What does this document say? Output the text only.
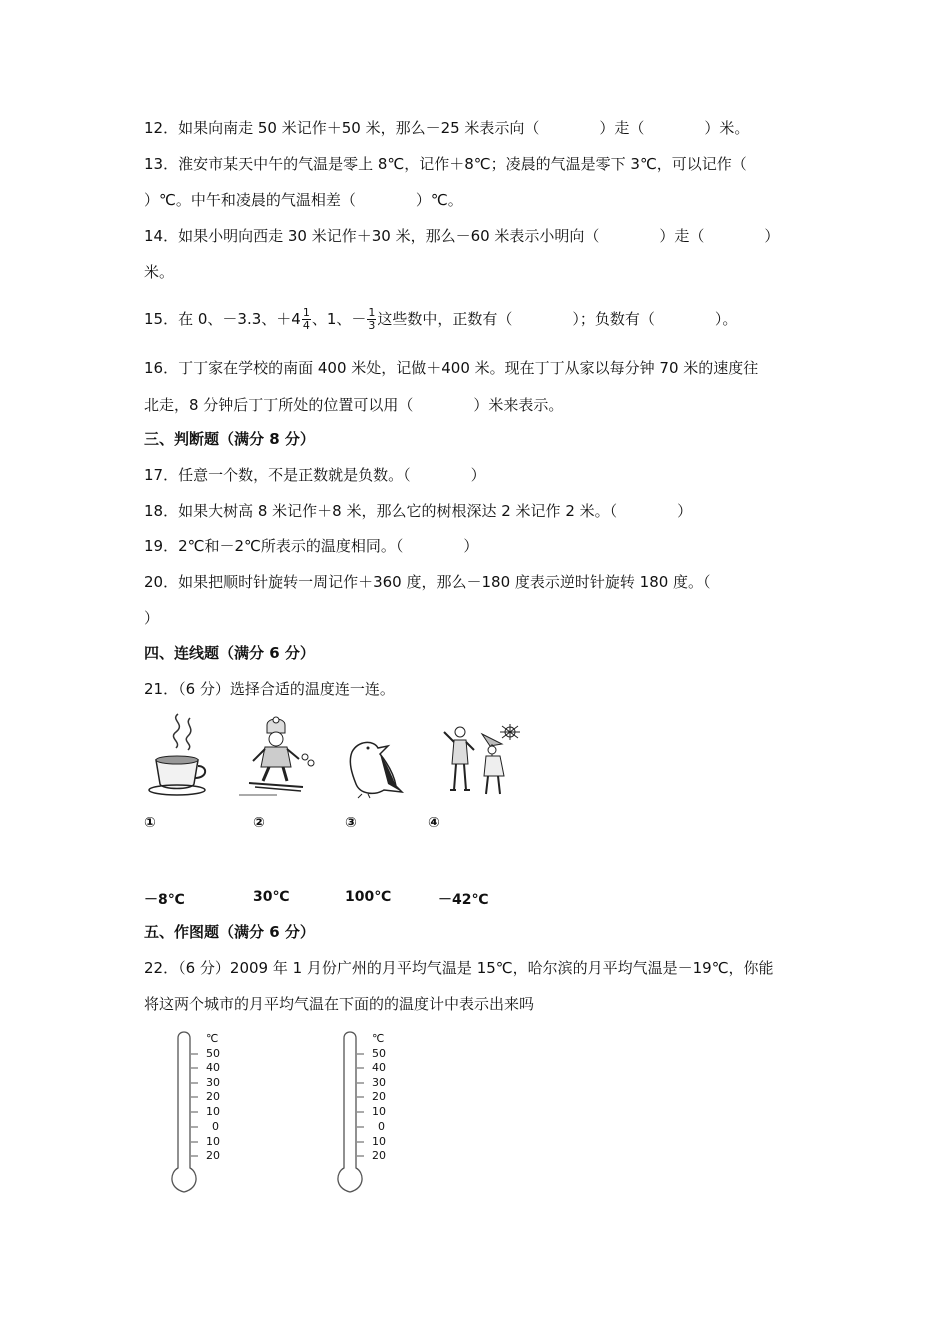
12．如果向南走 50 米记作＋50 米，那么－25 米表示向（　　　　）走（　　　　）米。
13．淮安市某天中午的气温是零上 8℃，记作＋8℃；凌晨的气温是零下 3℃，可以记作（
）℃。中午和凌晨的气温相差（　　　　）℃。
14．如果小明向西走 30 米记作＋30 米，那么－60 米表示小明向（　　　　）走（　　　　）
米。
15．在 0、－3.3、$+4 \frac{1}{4}$ 、1、－ $\frac{1}{3}$ 这些数中，正数有（　　　　）；负数有（　　　　）。
16．丁丁家在学校的南面 400 米处，记做＋400 米。现在丁丁从家以每分钟 70 米的速度往
北走，8 分钟后丁丁所处的位置可以用（　　　　）米来表示。
三、判断题（满分 8 分）
17．任意一个数，不是正数就是负数。（　　　　）
18．如果大树高 8 米记作＋8 米，那么它的树根深达 2 米记作 2 米。（　　　　）
19．2℃和－2℃所表示的温度相同。（　　　　）
20．如果把顺时针旋转一周记作＋360 度，那么－180 度表示逆时针旋转 180 度。（
）
四、连线题（满分 6 分）
21．（6 分）选择合适的温度连一连。
①	②	③	④
－8℃	30℃	100℃	－42℃
五、作图题（满分 6 分）
22．（6 分）2009 年 1 月份广州的月平均气温是 15℃，哈尔滨的月平均气温是－19℃，你能
将这两个城市的月平均气温在下面的的温度计中表示出来吗
℃
50
40
30
20
10
0
10
20
℃
50
40
30
20
10
0
10
20
